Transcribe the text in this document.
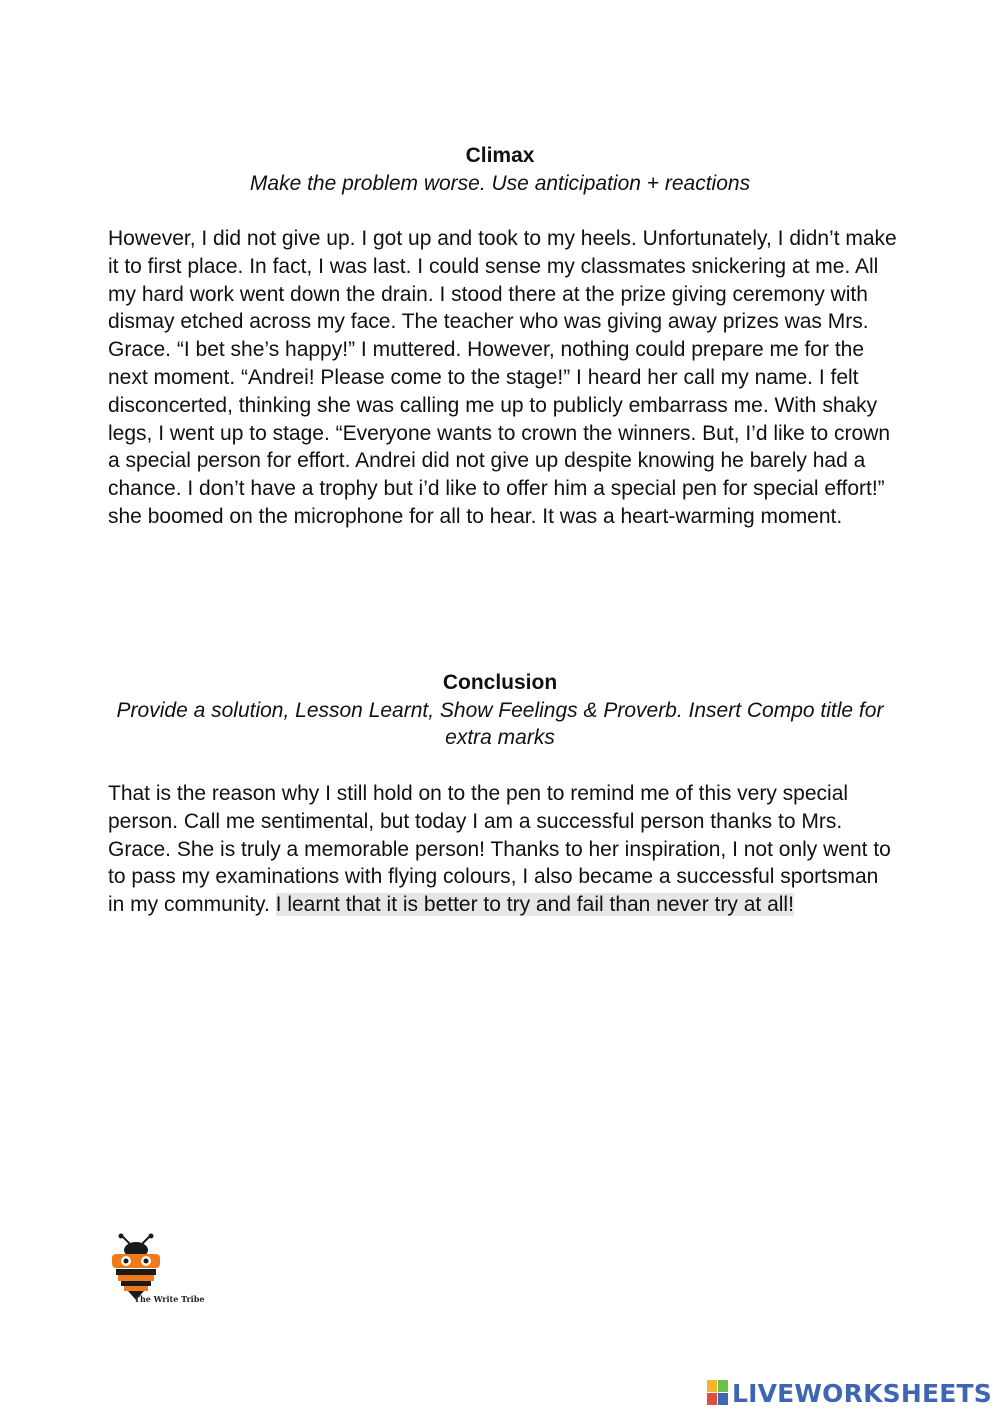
Climax
Make the problem worse. Use anticipation + reactions
However, I did not give up. I got up and took to my heels. Unfortunately, I didn’t make it to first place. In fact, I was last. I could sense my classmates snickering at me. All my hard work went down the drain. I stood there at the prize giving ceremony with dismay etched across my face. The teacher who was giving away prizes was Mrs. Grace. “I bet she’s happy!” I muttered. However, nothing could prepare me for the next moment. “Andrei! Please come to the stage!” I heard her call my name. I felt disconcerted, thinking she was calling me up to publicly embarrass me. With shaky legs, I went up to stage. “Everyone wants to crown the winners. But, I’d like to crown a special person for effort. Andrei did not give up despite knowing he barely had a chance. I don’t have a trophy but i’d like to offer him a special pen for special effort!” she boomed on the microphone for all to hear. It was a heart-warming moment.
Conclusion
Provide a solution, Lesson Learnt, Show Feelings & Proverb. Insert Compo title for extra marks
That is the reason why I still hold on to the pen to remind me of this very special person. Call me sentimental, but today I am a successful person thanks to Mrs. Grace. She is truly a memorable person! Thanks to her inspiration, I not only went to to pass my examinations with flying colours, I also became a successful sportsman in my community. I learnt that it is better to try and fail than never try at all!
The Write Tribe
LIVEWORKSHEETS
